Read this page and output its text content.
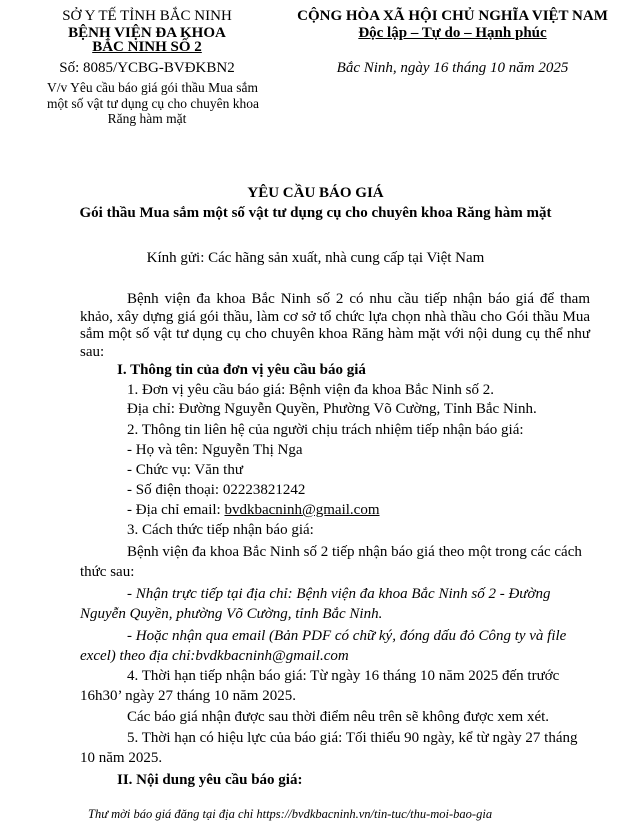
SỞ Y TẾ TỈNH BẮC NINH
BỆNH VIỆN ĐA KHOA
BẮC NINH SỐ 2
Số: 8085/YCBG-BVĐKBN2
V/v Yêu cầu báo giá gói thầu Mua sắm
một số vật tư dụng cụ cho chuyên khoa
Răng hàm mặt
CỘNG HÒA XÃ HỘI CHỦ NGHĨA VIỆT NAM
Độc lập – Tự do – Hạnh phúc
Bắc Ninh, ngày 16 tháng 10 năm 2025
YÊU CẦU BÁO GIÁ
Gói thầu Mua sắm một số vật tư dụng cụ cho chuyên khoa Răng hàm mặt
Kính gửi: Các hãng sản xuất, nhà cung cấp tại Việt Nam
Bệnh viện đa khoa Bắc Ninh số 2 có nhu cầu tiếp nhận báo giá để tham khảo, xây dựng giá gói thầu, làm cơ sở tổ chức lựa chọn nhà thầu cho Gói thầu Mua sắm một số vật tư dụng cụ cho chuyên khoa Răng hàm mặt với nội dung cụ thể như sau:
I. Thông tin của đơn vị yêu cầu báo giá
1. Đơn vị yêu cầu báo giá: Bệnh viện đa khoa Bắc Ninh số 2.
Địa chỉ: Đường Nguyễn Quyền, Phường Võ Cường, Tỉnh Bắc Ninh.
2. Thông tin liên hệ của người chịu trách nhiệm tiếp nhận báo giá:
- Họ và tên: Nguyễn Thị Nga
- Chức vụ: Văn thư
- Số điện thoại: 02223821242
- Địa chỉ email: bvdkbacninh@gmail.com
3. Cách thức tiếp nhận báo giá:
Bệnh viện đa khoa Bắc Ninh số 2 tiếp nhận báo giá theo một trong các cách
thức sau:
- Nhận trực tiếp tại địa chỉ: Bệnh viện đa khoa Bắc Ninh số 2 - Đường
Nguyễn Quyền, phường Võ Cường, tỉnh Bắc Ninh.
- Hoặc nhận qua email (Bản PDF có chữ ký, đóng dấu đỏ Công ty và file
excel) theo địa chỉ:bvdkbacninh@gmail.com
4. Thời hạn tiếp nhận báo giá: Từ ngày 16 tháng 10 năm 2025 đến trước
16h30’ ngày 27 tháng 10 năm 2025.
Các báo giá nhận được sau thời điểm nêu trên sẽ không được xem xét.
5. Thời hạn có hiệu lực của báo giá: Tối thiểu 90 ngày, kể từ ngày 27 tháng
10 năm 2025.
II. Nội dung yêu cầu báo giá:
Thư mời báo giá đăng tại địa chỉ https://bvdkbacninh.vn/tin-tuc/thu-moi-bao-gia
